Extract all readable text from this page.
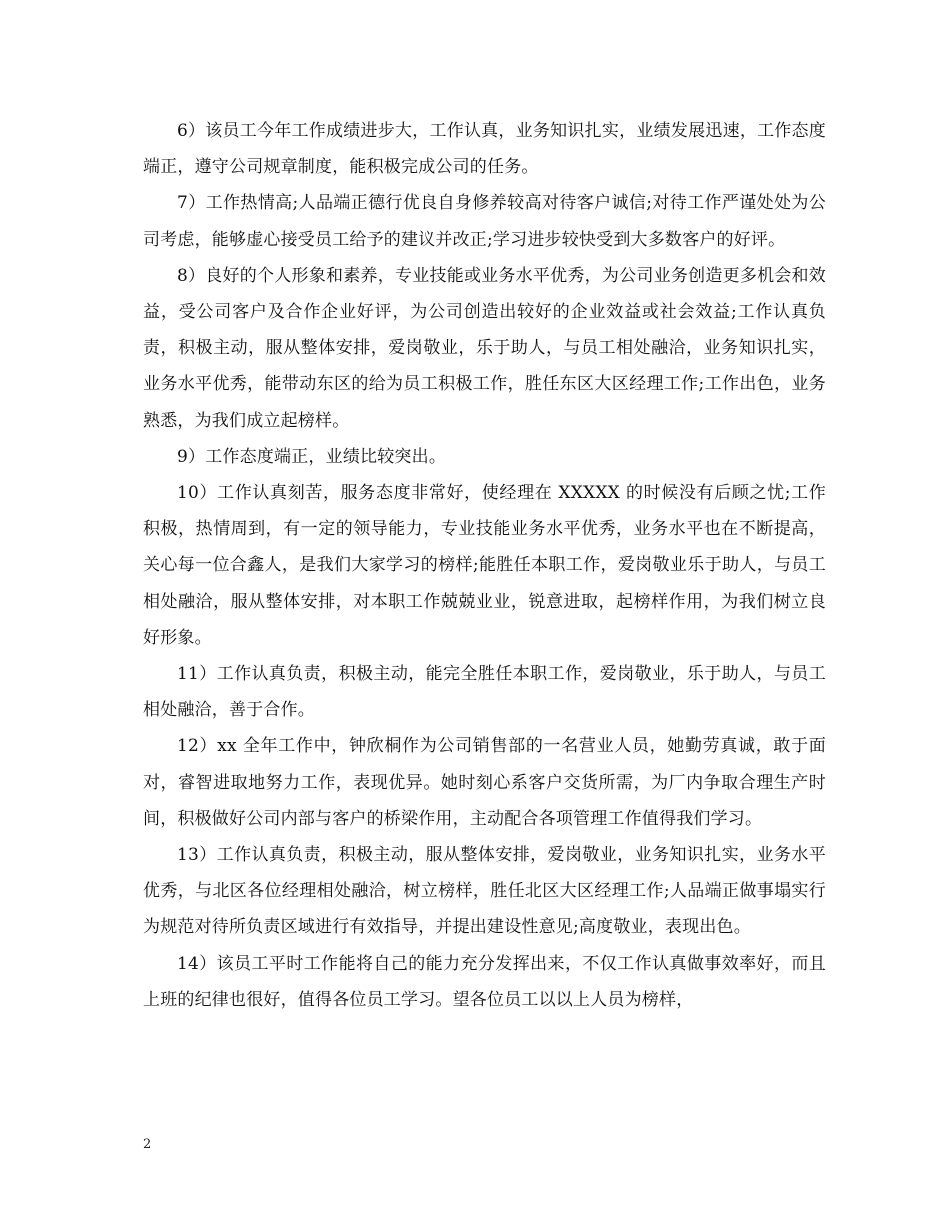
6）该员工今年工作成绩进步大，工作认真，业务知识扎实，业绩发展迅速，工作态度端正，遵守公司规章制度，能积极完成公司的任务。

7）工作热情高;人品端正德行优良自身修养较高对待客户诚信;对待工作严谨处处为公司考虑，能够虚心接受员工给予的建议并改正;学习进步较快受到大多数客户的好评。

8）良好的个人形象和素养，专业技能或业务水平优秀，为公司业务创造更多机会和效益，受公司客户及合作企业好评，为公司创造出较好的企业效益或社会效益;工作认真负责，积极主动，服从整体安排，爱岗敬业，乐于助人，与员工相处融洽，业务知识扎实，业务水平优秀，能带动东区的给为员工积极工作，胜任东区大区经理工作;工作出色，业务熟悉，为我们成立起榜样。

9）工作态度端正，业绩比较突出。

10）工作认真刻苦，服务态度非常好，使经理在 XXXXX 的时候没有后顾之忧;工作积极，热情周到，有一定的领导能力，专业技能业务水平优秀，业务水平也在不断提高，关心每一位合鑫人，是我们大家学习的榜样;能胜任本职工作，爱岗敬业乐于助人，与员工相处融洽，服从整体安排，对本职工作兢兢业业，锐意进取，起榜样作用，为我们树立良好形象。

11）工作认真负责，积极主动，能完全胜任本职工作，爱岗敬业，乐于助人，与员工相处融洽，善于合作。

12）xx 全年工作中，钟欣桐作为公司销售部的一名营业人员，她勤劳真诚，敢于面对，睿智进取地努力工作，表现优异。她时刻心系客户交货所需，为厂内争取合理生产时间，积极做好公司内部与客户的桥梁作用，主动配合各项管理工作值得我们学习。

13）工作认真负责，积极主动，服从整体安排，爱岗敬业，业务知识扎实，业务水平优秀，与北区各位经理相处融洽，树立榜样，胜任北区大区经理工作;人品端正做事塌实行为规范对待所负责区域进行有效指导，并提出建设性意见;高度敬业，表现出色。

14）该员工平时工作能将自己的能力充分发挥出来，不仅工作认真做事效率好，而且上班的纪律也很好，值得各位员工学习。望各位员工以以上人员为榜样，

2
